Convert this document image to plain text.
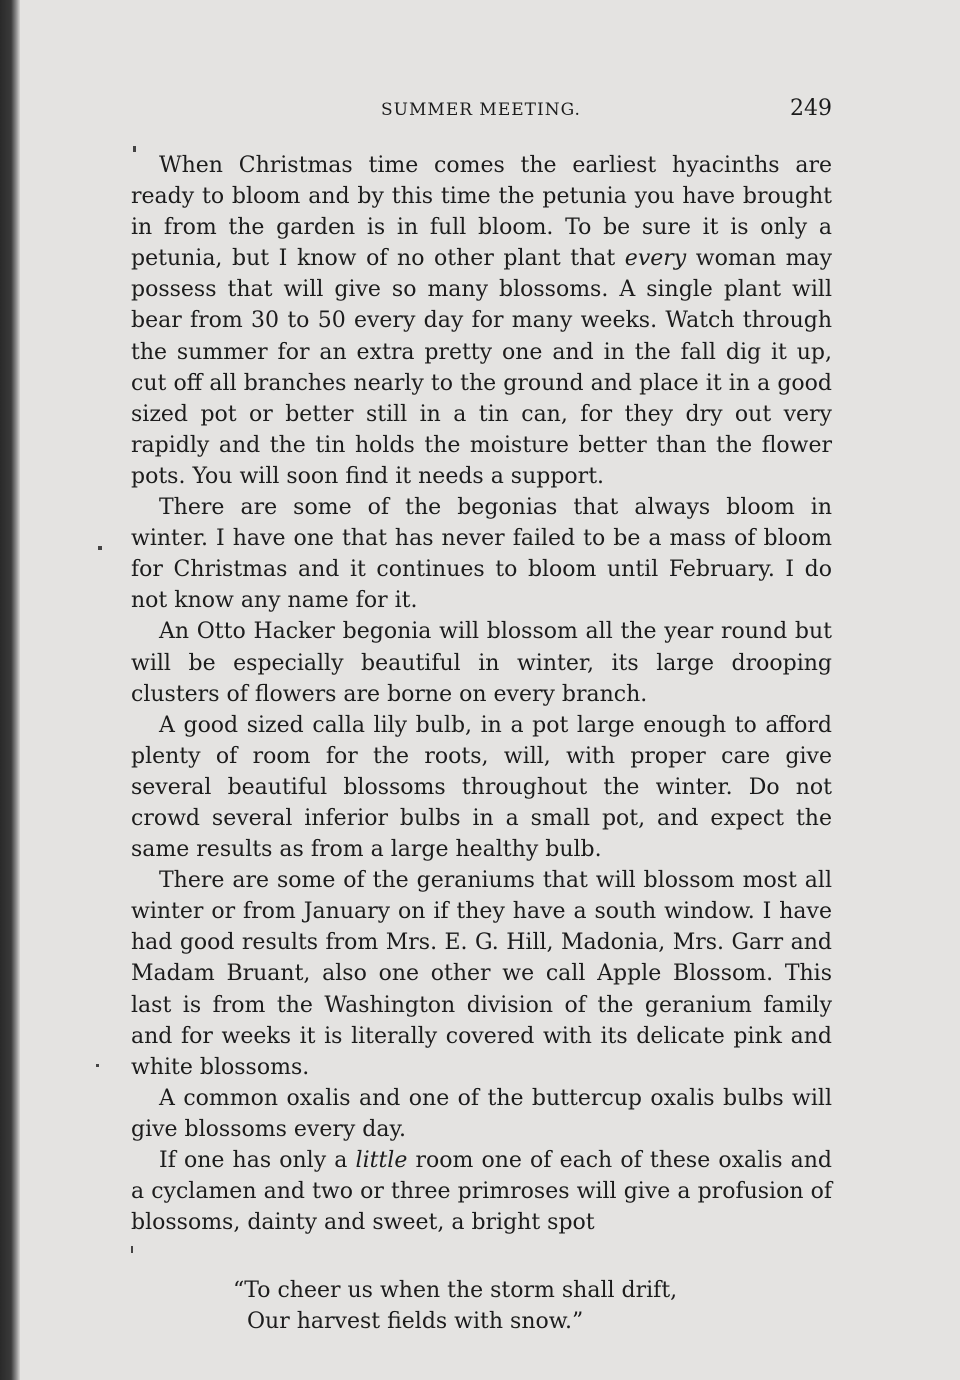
SUMMER MEETING.	249

When Christmas time comes the earliest hyacinths are ready to bloom and by this time the petunia you have brought in from the garden is in full bloom. To be sure it is only a petunia, but I know of no other plant that every woman may possess that will give so many blossoms. A single plant will bear from 30 to 50 every day for many weeks. Watch through the summer for an extra pretty one and in the fall dig it up, cut off all branches nearly to the ground and place it in a good sized pot or better still in a tin can, for they dry out very rapidly and the tin holds the moisture better than the flower pots. You will soon find it needs a support.

There are some of the begonias that always bloom in winter. I have one that has never failed to be a mass of bloom for Christmas and it continues to bloom until February. I do not know any name for it.

An Otto Hacker begonia will blossom all the year round but will be especially beautiful in winter, its large drooping clusters of flowers are borne on every branch.

A good sized calla lily bulb, in a pot large enough to afford plenty of room for the roots, will, with proper care give several beautiful blossoms throughout the winter. Do not crowd several inferior bulbs in a small pot, and expect the same results as from a large healthy bulb.

There are some of the geraniums that will blossom most all winter or from January on if they have a south window. I have had good results from Mrs. E. G. Hill, Madonia, Mrs. Garr and Madam Bruant, also one other we call Apple Blossom. This last is from the Washington division of the geranium family and for weeks it is literally covered with its delicate pink and white blossoms.

A common oxalis and one of the buttercup oxalis bulbs will give blossoms every day.

If one has only a little room one of each of these oxalis and a cyclamen and two or three primroses will give a profusion of blossoms, dainty and sweet, a bright spot

“To cheer us when the storm shall drift,
Our harvest fields with snow.”
